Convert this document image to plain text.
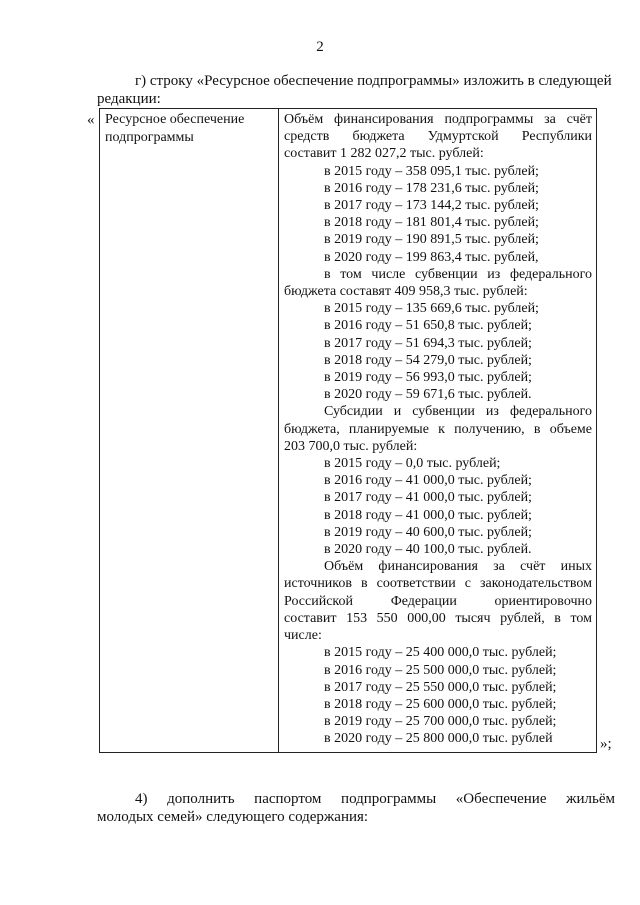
2
г) строку «Ресурсное обеспечение подпрограммы» изложить в следующей
редакции:
« Ресурсное обеспечение
подпрограммы

Объём финансирования подпрограммы за счёт
средств бюджета Удмуртской Республики
составит 1 282 027,2 тыс. рублей:
в 2015 году – 358 095,1 тыс. рублей;
в 2016 году – 178 231,6 тыс. рублей;
в 2017 году – 173 144,2 тыс. рублей;
в 2018 году – 181 801,4 тыс. рублей;
в 2019 году – 190 891,5 тыс. рублей;
в 2020 году – 199 863,4 тыс. рублей,
в том числе субвенции из федерального
бюджета составят 409 958,3 тыс. рублей:
в 2015 году – 135 669,6 тыс. рублей;
в 2016 году – 51 650,8 тыс. рублей;
в 2017 году – 51 694,3 тыс. рублей;
в 2018 году – 54 279,0 тыс. рублей;
в 2019 году – 56 993,0 тыс. рублей;
в 2020 году – 59 671,6 тыс. рублей.
Субсидии и субвенции из федерального
бюджета, планируемые к получению, в объеме
203 700,0 тыс. рублей:
в 2015 году – 0,0 тыс. рублей;
в 2016 году – 41 000,0 тыс. рублей;
в 2017 году – 41 000,0 тыс. рублей;
в 2018 году – 41 000,0 тыс. рублей;
в 2019 году – 40 600,0 тыс. рублей;
в 2020 году – 40 100,0 тыс. рублей.
Объём финансирования за счёт иных
источников в соответствии с законодательством
Российской Федерации ориентировочно
составит 153 550 000,00 тысяч рублей, в том
числе:
в 2015 году – 25 400 000,0 тыс. рублей;
в 2016 году – 25 500 000,0 тыс. рублей;
в 2017 году – 25 550 000,0 тыс. рублей;
в 2018 году – 25 600 000,0 тыс. рублей;
в 2019 году – 25 700 000,0 тыс. рублей;
в 2020 году – 25 800 000,0 тыс. рублей	»;
4) дополнить паспортом подпрограммы «Обеспечение жильём
молодых семей» следующего содержания:
